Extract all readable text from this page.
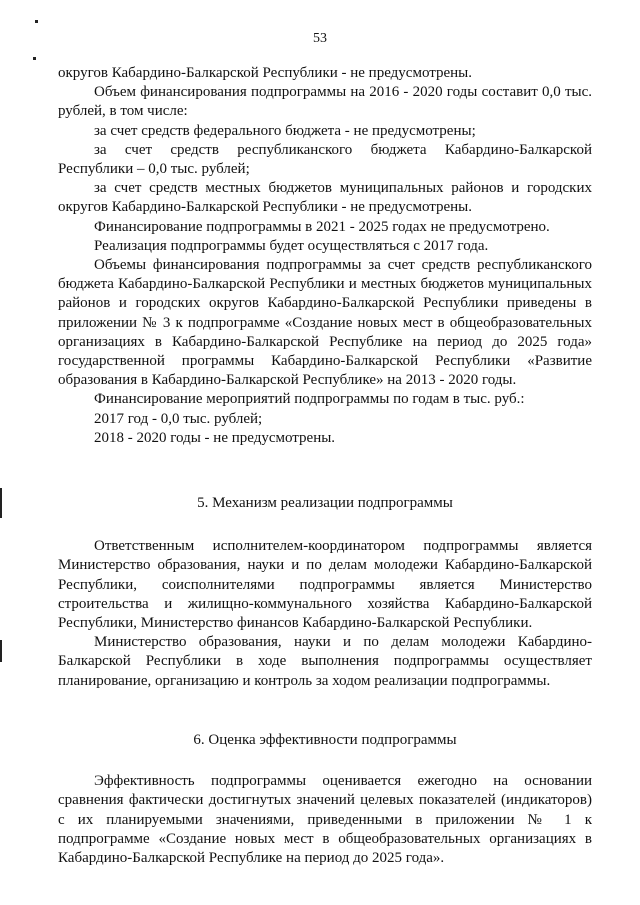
53

округов Кабардино-Балкарской Республики - не предусмотрены.

Объем финансирования подпрограммы на 2016 - 2020 годы составит 0,0 тыс. рублей, в том числе:

за счет средств федерального бюджета - не предусмотрены;

за счет средств республиканского бюджета Кабардино-Балкарской Республики – 0,0 тыс. рублей;

за счет средств местных бюджетов муниципальных районов и городских округов Кабардино-Балкарской Республики - не предусмотрены.

Финансирование подпрограммы в 2021 - 2025 годах не предусмотрено.

Реализация подпрограммы будет осуществляться с 2017 года.

Объемы финансирования подпрограммы за счет средств республиканского бюджета Кабардино-Балкарской Республики и местных бюджетов муниципальных районов и городских округов Кабардино-Балкарской Республики приведены в приложении № 3 к подпрограмме «Создание новых мест в общеобразовательных организациях в Кабардино-Балкарской Республике на период до 2025 года» государственной программы Кабардино-Балкарской Республики «Развитие образования в Кабардино-Балкарской Республике» на 2013 - 2020 годы.

Финансирование мероприятий подпрограммы по годам в тыс. руб.:

2017 год - 0,0 тыс. рублей;

2018 - 2020 годы - не предусмотрены.

5. Механизм реализации подпрограммы

Ответственным исполнителем-координатором подпрограммы является Министерство образования, науки и по делам молодежи Кабардино-Балкарской Республики, соисполнителями подпрограммы является Министерство строительства и жилищно-коммунального хозяйства Кабардино-Балкарской Республики, Министерство финансов Кабардино-Балкарской Республики.

Министерство образования, науки и по делам молодежи Кабардино-Балкарской Республики в ходе выполнения подпрограммы осуществляет планирование, организацию и контроль за ходом реализации подпрограммы.

6. Оценка эффективности подпрограммы

Эффективность подпрограммы оценивается ежегодно на основании сравнения фактически достигнутых значений целевых показателей (индикаторов) с их планируемыми значениями, приведенными в приложении № 1 к подпрограмме «Создание новых мест в общеобразовательных организациях в Кабардино-Балкарской Республике на период до 2025 года».
